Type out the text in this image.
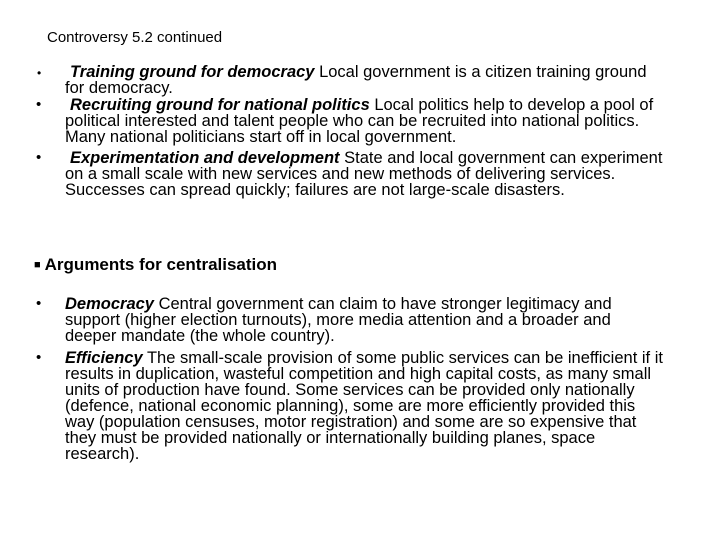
Controversy 5.2 continued
• Training ground for democracy Local government is a citizen training ground for democracy.
• Recruiting ground for national politics Local politics help to develop a pool of political interested and talent people who can be recruited into national politics. Many national politicians start off in local government.
• Experimentation and development State and local government can experiment on a small scale with new services and new methods of delivering services. Successes can spread quickly; failures are not large-scale disasters.
■ Arguments for centralisation
• Democracy Central government can claim to have stronger legitimacy and support (higher election turnouts), more media attention and a broader and deeper mandate (the whole country).
• Efficiency The small-scale provision of some public services can be inefficient if it results in duplication, wasteful competition and high capital costs, as many small units of production have found. Some services can be provided only nationally (defence, national economic planning), some are more efficiently provided this way (population censuses, motor registration) and some are so expensive that they must be provided nationally or internationally building planes, space research).
